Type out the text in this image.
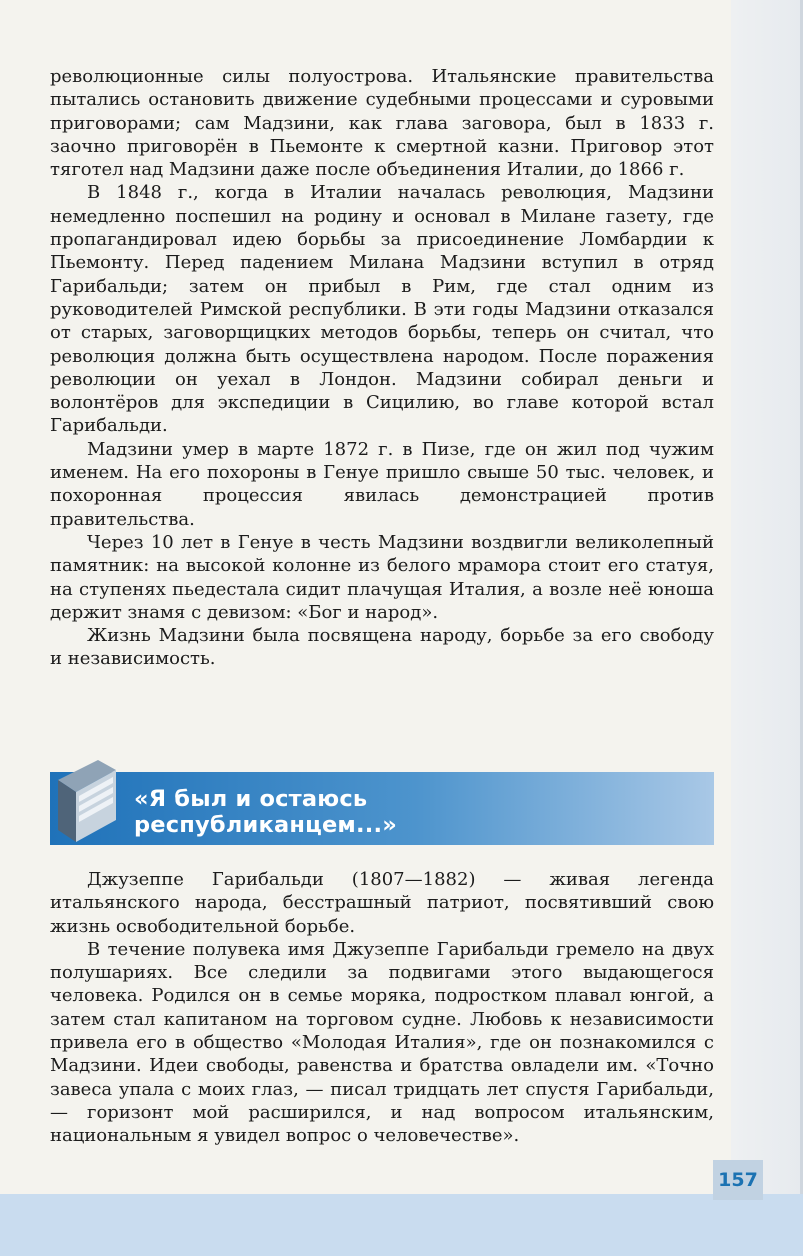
революционные силы полуострова. Итальянские правительства пытались остановить движение судебными процессами и суровыми приговорами; сам Мадзини, как глава заговора, был в 1833 г. заочно приговорён в Пьемонте к смертной казни. Приговор этот тяготел над Мадзини даже после объединения Италии, до 1866 г.

В 1848 г., когда в Италии началась революция, Мадзини немедленно поспешил на родину и основал в Милане газету, где пропагандировал идею борьбы за присоединение Ломбардии к Пьемонту. Перед падением Милана Мадзини вступил в отряд Гарибальди; затем он прибыл в Рим, где стал одним из руководителей Римской республики. В эти годы Мадзини отказался от старых, заговорщицких методов борьбы, теперь он считал, что революция должна быть осуществлена народом. После поражения революции он уехал в Лондон. Мадзини собирал деньги и волонтёров для экспедиции в Сицилию, во главе которой встал Гарибальди.

Мадзини умер в марте 1872 г. в Пизе, где он жил под чужим именем. На его похороны в Генуе пришло свыше 50 тыс. человек, и похоронная процессия явилась демонстрацией против правительства.

Через 10 лет в Генуе в честь Мадзини воздвигли великолепный памятник: на высокой колонне из белого мрамора стоит его статуя, на ступенях пьедестала сидит плачущая Италия, а возле неё юноша держит знамя с девизом: «Бог и народ».

Жизнь Мадзини была посвящена народу, борьбе за его свободу и независимость.

«Я был и остаюсь
республиканцем...»

Джузеппе Гарибальди (1807—1882) — живая легенда итальянского народа, бесстрашный патриот, посвятивший свою жизнь освободительной борьбе.

В течение полувека имя Джузеппе Гарибальди гремело на двух полушариях. Все следили за подвигами этого выдающегося человека. Родился он в семье моряка, подростком плавал юнгой, а затем стал капитаном на торговом судне. Любовь к независимости привела его в общество «Молодая Италия», где он познакомился с Мадзини. Идеи свободы, равенства и братства овладели им. «Точно завеса упала с моих глаз, — писал тридцать лет спустя Гарибальди, — горизонт мой расширился, и над вопросом итальянским, национальным я увидел вопрос о человечестве».

157
